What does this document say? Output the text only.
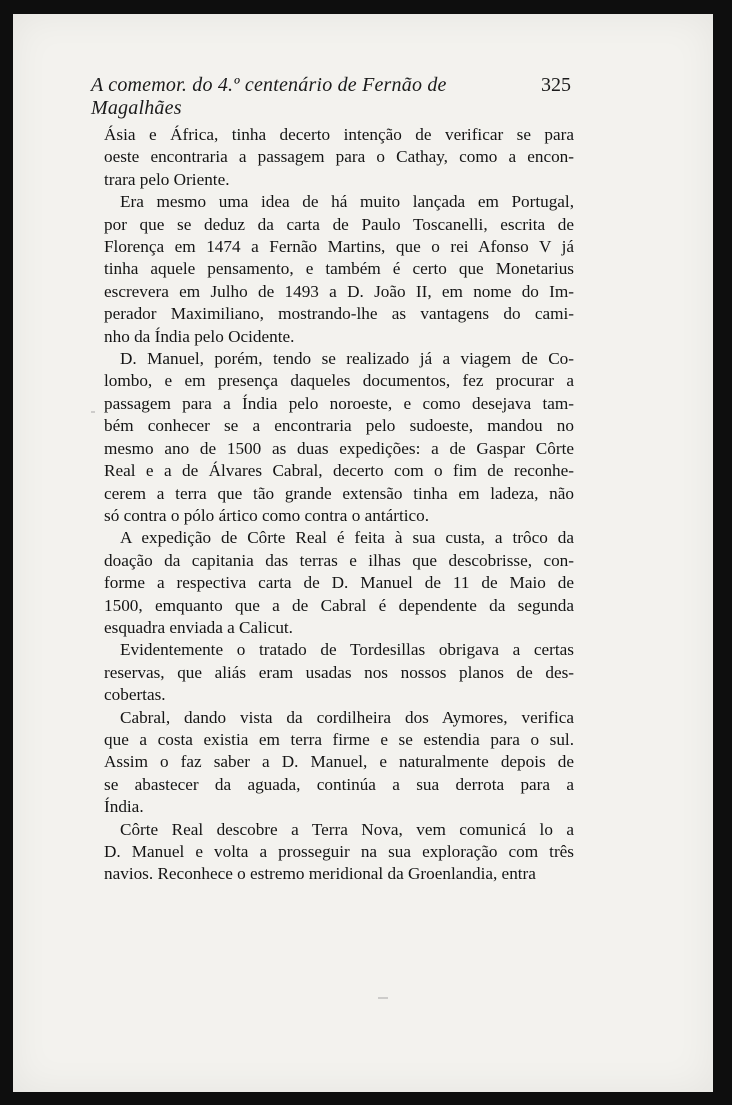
A comemor. do 4.º centenário de Fernão de Magalhães
325
Ásia e África, tinha decerto intenção de verificar se para
oeste encontraria a passagem para o Cathay, como a encon-
trara pelo Oriente.
Era mesmo uma idea de há muito lançada em Portugal,
por que se deduz da carta de Paulo Toscanelli, escrita de
Florença em 1474 a Fernão Martins, que o rei Afonso V já
tinha aquele pensamento, e também é certo que Monetarius
escrevera em Julho de 1493 a D. João II, em nome do Im-
perador Maximiliano, mostrando-lhe as vantagens do cami-
nho da Índia pelo Ocidente.
D. Manuel, porém, tendo se realizado já a viagem de Co-
lombo, e em presença daqueles documentos, fez procurar a
passagem para a Índia pelo noroeste, e como desejava tam-
bém conhecer se a encontraria pelo sudoeste, mandou no
mesmo ano de 1500 as duas expedições: a de Gaspar Côrte
Real e a de Álvares Cabral, decerto com o fim de reconhe-
cerem a terra que tão grande extensão tinha em ladeza, não
só contra o pólo ártico como contra o antártico.
A expedição de Côrte Real é feita à sua custa, a trôco da
doação da capitania das terras e ilhas que descobrisse, con-
forme a respectiva carta de D. Manuel de 11 de Maio de
1500, emquanto que a de Cabral é dependente da segunda
esquadra enviada a Calicut.
Evidentemente o tratado de Tordesillas obrigava a certas
reservas, que aliás eram usadas nos nossos planos de des-
cobertas.
Cabral, dando vista da cordilheira dos Aymores, verifica
que a costa existia em terra firme e se estendia para o sul.
Assim o faz saber a D. Manuel, e naturalmente depois de
se abastecer da aguada, continúa a sua derrota para a
Índia.
Côrte Real descobre a Terra Nova, vem comunicá lo a
D. Manuel e volta a prosseguir na sua exploração com três
navios. Reconhece o estremo meridional da Groenlandia, entra
